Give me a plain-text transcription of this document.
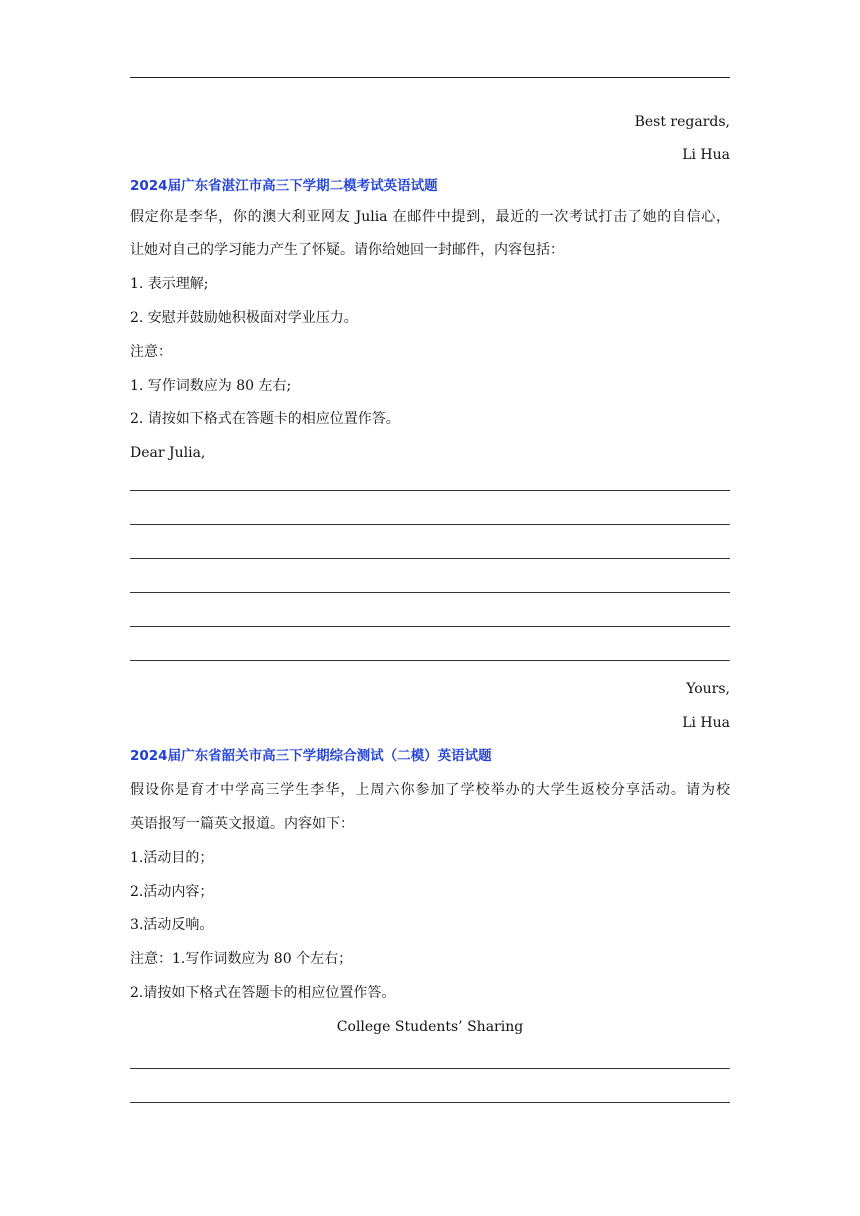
Best regards,
Li Hua
2024届广东省湛江市高三下学期二模考试英语试题
假定你是李华，你的澳大利亚网友 Julia 在邮件中提到，最近的一次考试打击了她的自信心，
让她对自己的学习能力产生了怀疑。请你给她回一封邮件，内容包括：
1. 表示理解;
2. 安慰并鼓励她积极面对学业压力。
注意：
1. 写作词数应为 80 左右;
2. 请按如下格式在答题卡的相应位置作答。
Dear Julia,
Yours,
Li Hua
2024届广东省韶关市高三下学期综合测试（二模）英语试题
假设你是育才中学高三学生李华，上周六你参加了学校举办的大学生返校分享活动。请为校
英语报写一篇英文报道。内容如下：
1.活动目的；
2.活动内容；
3.活动反响。
注意：1.写作词数应为 80 个左右；
2.请按如下格式在答题卡的相应位置作答。
College Students’ Sharing
